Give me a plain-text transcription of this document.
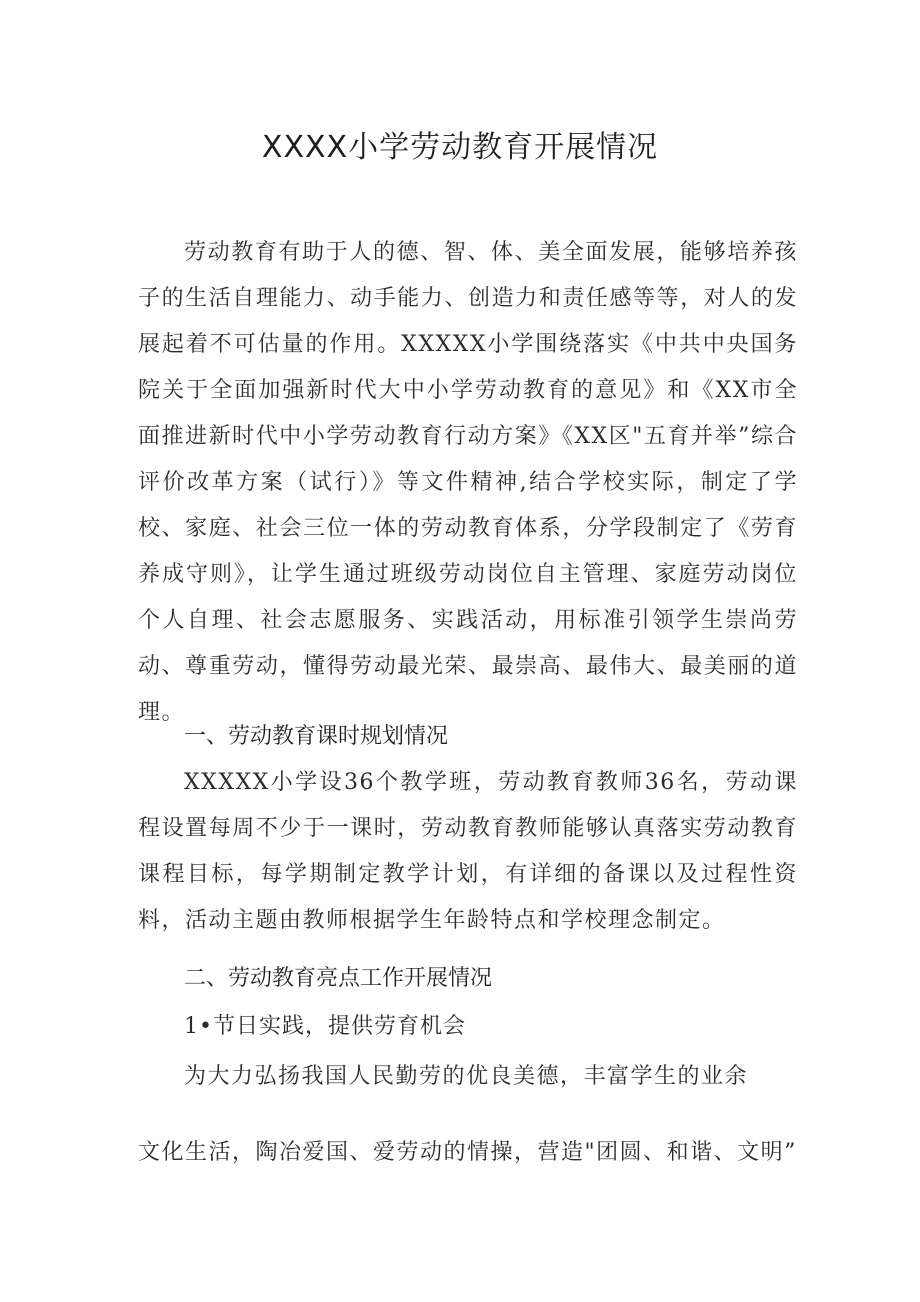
XXXX小学劳动教育开展情况

劳动教育有助于人的德、智、体、美全面发展，能够培养孩子的生活自理能力、动手能力、创造力和责任感等等，对人的发展起着不可估量的作用。XXXXX小学围绕落实《中共中央国务院关于全面加强新时代大中小学劳动教育的意见》和《XX市全面推进新时代中小学劳动教育行动方案》《XX区"五育并举”综合评价改革方案（试行）》等文件精神,结合学校实际，制定了学校、家庭、社会三位一体的劳动教育体系，分学段制定了《劳育养成守则》，让学生通过班级劳动岗位自主管理、家庭劳动岗位个人自理、社会志愿服务、实践活动，用标准引领学生崇尚劳动、尊重劳动，懂得劳动最光荣、最崇高、最伟大、最美丽的道理。

一、劳动教育课时规划情况

XXXXX小学设36个教学班，劳动教育教师36名，劳动课程设置每周不少于一课时，劳动教育教师能够认真落实劳动教育课程目标，每学期制定教学计划，有详细的备课以及过程性资料，活动主题由教师根据学生年龄特点和学校理念制定。

二、劳动教育亮点工作开展情况

1•节日实践，提供劳育机会

为大力弘扬我国人民勤劳的优良美德，丰富学生的业余

文化生活，陶冶爱国、爱劳动的情操，营造"团圆、和谐、文明”
